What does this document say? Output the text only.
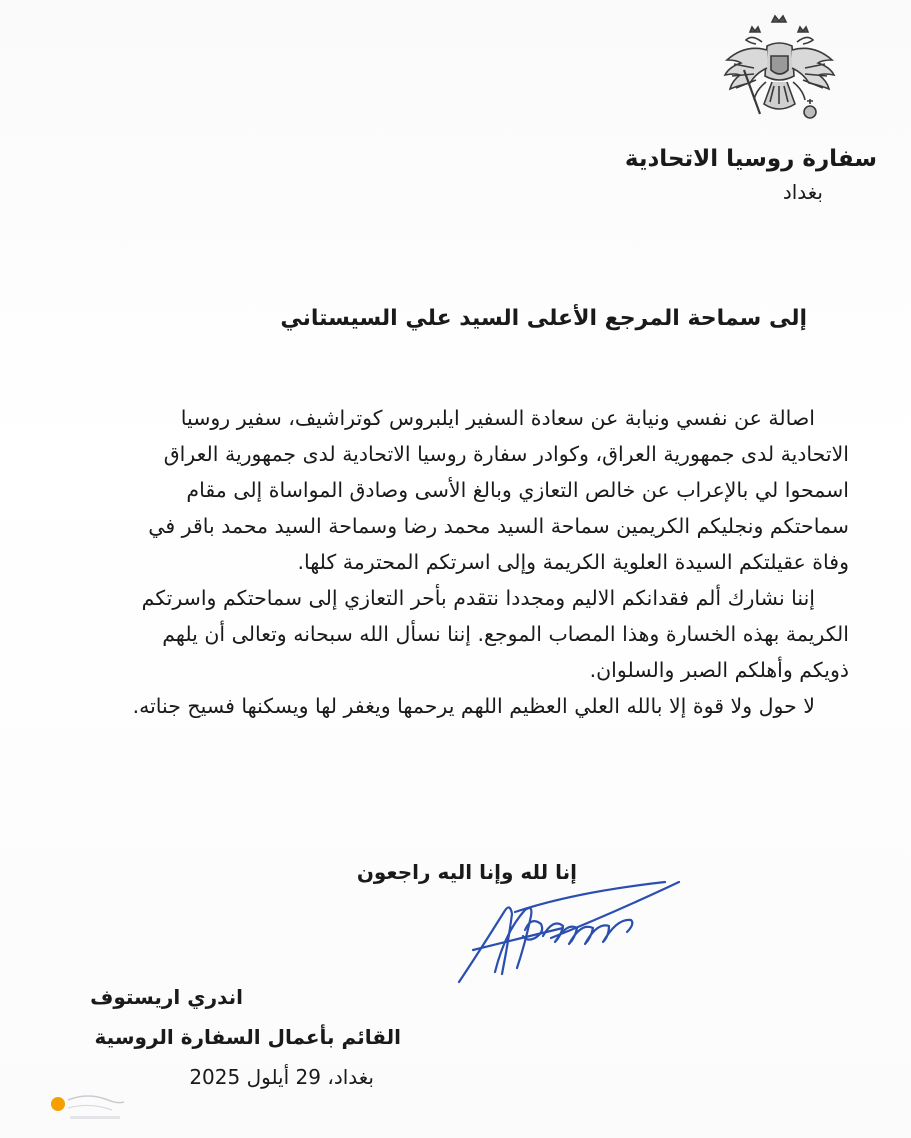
سفارة روسيا الاتحادية
بغداد
إلى سماحة المرجع الأعلى السيد علي السيستاني

اصالة عن نفسي ونيابة عن سعادة السفير ايلبروس كوتراشيف، سفير روسيا الاتحادية لدى جمهورية العراق، وكوادر سفارة روسيا الاتحادية لدى جمهورية العراق اسمحوا لي بالإعراب عن خالص التعازي وبالغ الأسى وصادق المواساة إلى مقام سماحتكم ونجليكم الكريمين سماحة السيد محمد رضا وسماحة السيد محمد باقر في وفاة عقيلتكم السيدة العلوية الكريمة وإلى اسرتكم المحترمة كلها.

إننا نشارك ألم فقدانكم الاليم ومجددا نتقدم بأحر التعازي إلى سماحتكم واسرتكم الكريمة بهذه الخسارة وهذا المصاب الموجع. إننا نسأل الله سبحانه وتعالى أن يلهم ذويكم وأهلكم الصبر والسلوان.

لا حول ولا قوة إلا بالله العلي العظيم اللهم يرحمها ويغفر لها ويسكنها فسيح جناته.

إنا لله وإنا اليه راجعون
اندري اريستوف
القائم بأعمال السفارة الروسية
بغداد، 29 أيلول 2025
